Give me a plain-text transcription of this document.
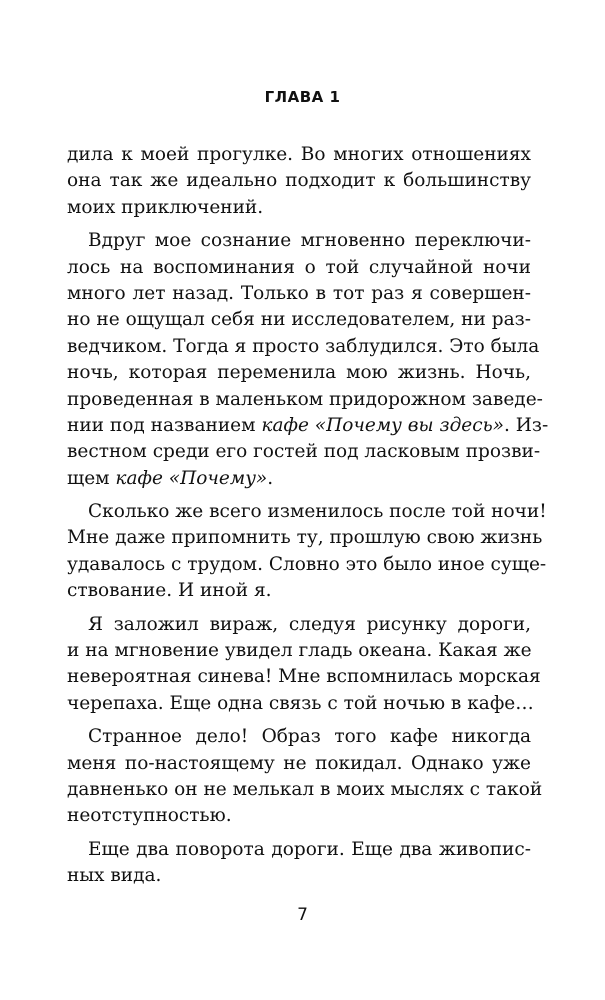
ГЛАВА 1
дила к моей прогулке. Во многих отношениях
она так же идеально подходит к большинству
моих приключений.
Вдруг мое сознание мгновенно переключи-
лось на воспоминания о той случайной ночи
много лет назад. Только в тот раз я совершен-
но не ощущал себя ни исследователем, ни раз-
ведчиком. Тогда я просто заблудился. Это была
ночь, которая переменила мою жизнь. Ночь,
проведенная в маленьком придорожном заведе-
нии под названием кафе «Почему вы здесь». Из-
вестном среди его гостей под ласковым прозви-
щем кафе «Почему».
Сколько же всего изменилось после той ночи!
Мне даже припомнить ту, прошлую свою жизнь
удавалось с трудом. Словно это было иное суще-
ствование. И иной я.
Я заложил вираж, следуя рисунку дороги,
и на мгновение увидел гладь океана. Какая же
невероятная синева! Мне вспомнилась морская
черепаха. Еще одна связь с той ночью в кафе…
Странное дело! Образ того кафе никогда
меня по-настоящему не покидал. Однако уже
давненько он не мелькал в моих мыслях с такой
неотступностью.
Еще два поворота дороги. Еще два живопис-
ных вида.
7
